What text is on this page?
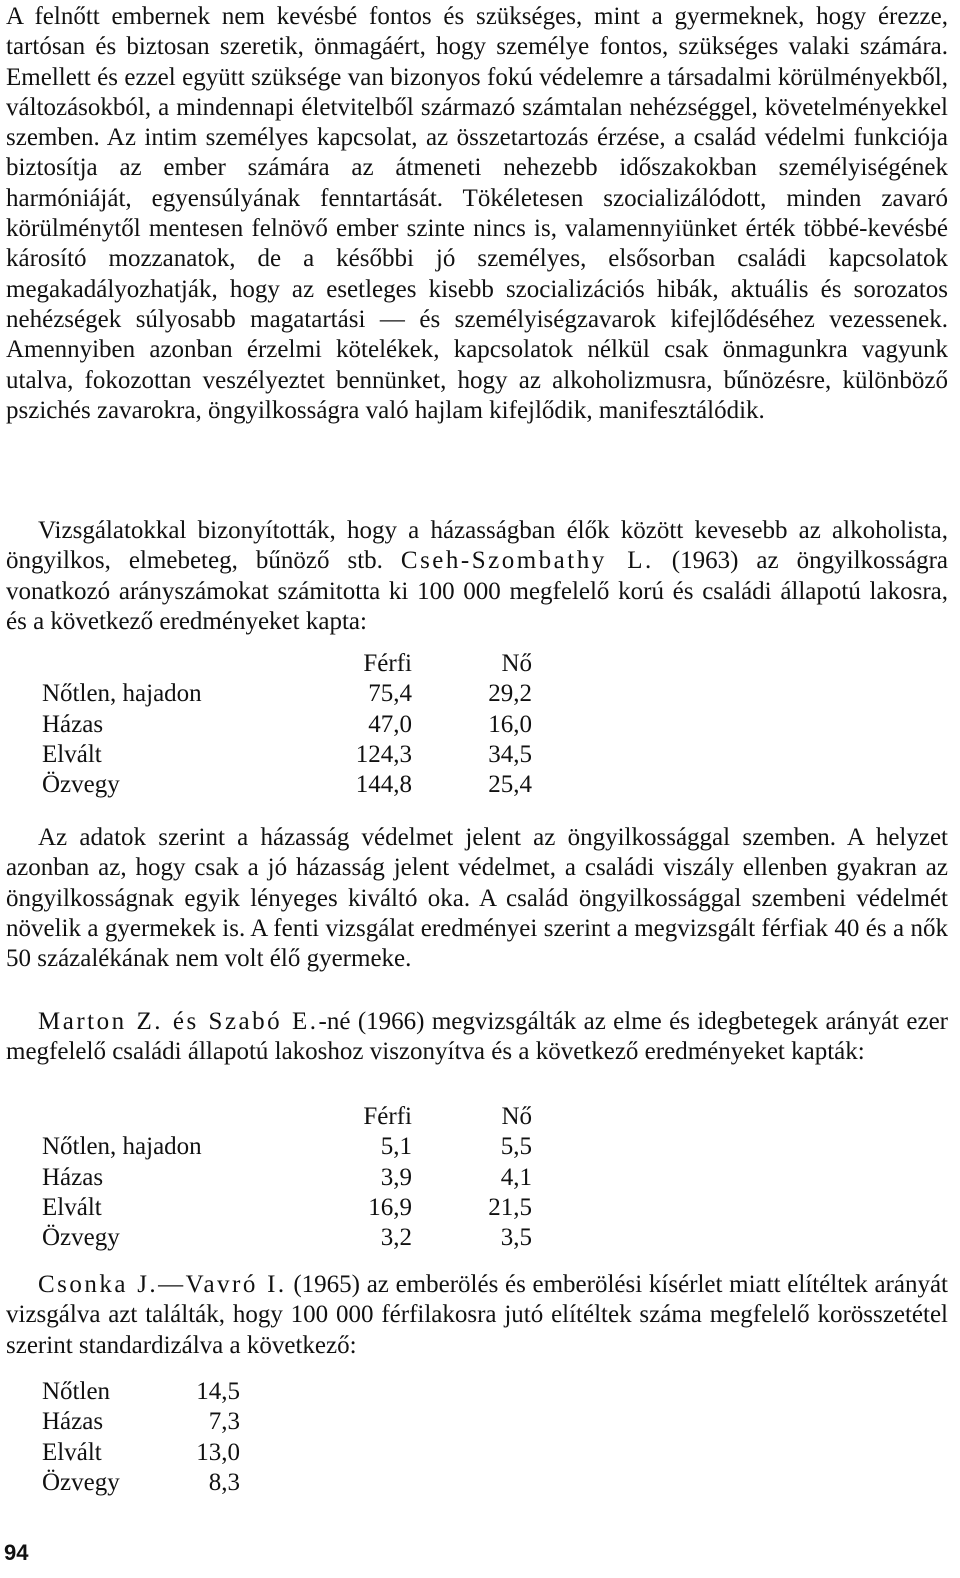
A felnőtt embernek nem kevésbé fontos és szükséges, mint a gyermeknek, hogy érezze, tartósan és biztosan szeretik, önmagáért, hogy személye fontos, szükséges valaki számára. Emellett és ezzel együtt szüksége van bizonyos fokú védelemre a társadalmi körülményekből, változásokból, a mindennapi életvitelből származó számtalan nehézséggel, követelményekkel szemben. Az intim személyes kapcsolat, az összetartozás érzése, a család védelmi funkciója biztosítja az ember számára az átmeneti nehezebb időszakokban személyiségének harmóniáját, egyensúlyának fenntartását. Tökéletesen szocializálódott, minden zavaró körülménytől mentesen felnövő ember szinte nincs is, valamennyiünket érték többé-kevésbé károsító mozzanatok, de a későbbi jó személyes, elsősorban családi kapcsolatok megakadályozhatják, hogy az esetleges kisebb szocializációs hibák, aktuális és sorozatos nehézségek súlyosabb magatartási — és személyiségzavarok kifejlődéséhez vezessenek. Amennyiben azonban érzelmi kötelékek, kapcsolatok nélkül csak önmagunkra vagyunk utalva, fokozottan veszélyeztet bennünket, hogy az alkoholizmusra, bűnözésre, különböző pszichés zavarokra, öngyilkosságra való hajlam kifejlődik, manifesztálódik.

Vizsgálatokkal bizonyították, hogy a házasságban élők között kevesebb az alkoholista, öngyilkos, elmebeteg, bűnöző stb. Cseh-Szombathy L. (1963) az öngyilkosságra vonatkozó arányszámokat számitotta ki 100 000 megfelelő korú és családi állapotú lakosra, és a következő eredményeket kapta:

	Férfi	Nő
Nőtlen, hajadon	75,4	29,2
Házas	47,0	16,0
Elvált	124,3	34,5
Özvegy	144,8	25,4

Az adatok szerint a házasság védelmet jelent az öngyilkossággal szemben. A helyzet azonban az, hogy csak a jó házasság jelent védelmet, a családi viszály ellenben gyakran az öngyilkosságnak egyik lényeges kiváltó oka. A család öngyilkossággal szembeni védelmét növelik a gyermekek is. A fenti vizsgálat eredményei szerint a megvizsgált férfiak 40 és a nők 50 százalékának nem volt élő gyermeke.

Marton Z. és Szabó E.-né (1966) megvizsgálták az elme és idegbetegek arányát ezer megfelelő családi állapotú lakoshoz viszonyítva és a következő eredményeket kapták:

	Férfi	Nő
Nőtlen, hajadon	5,1	5,5
Házas	3,9	4,1
Elvált	16,9	21,5
Özvegy	3,2	3,5

Csonka J.—Vavró I. (1965) az emberölés és emberölési kísérlet miatt elítéltek arányát vizsgálva azt találták, hogy 100 000 férfilakosra jutó elítéltek száma megfelelő korösszetétel szerint standardizálva a következő:

Nőtlen	14,5
Házas	7,3
Elvált	13,0
Özvegy	8,3
94
